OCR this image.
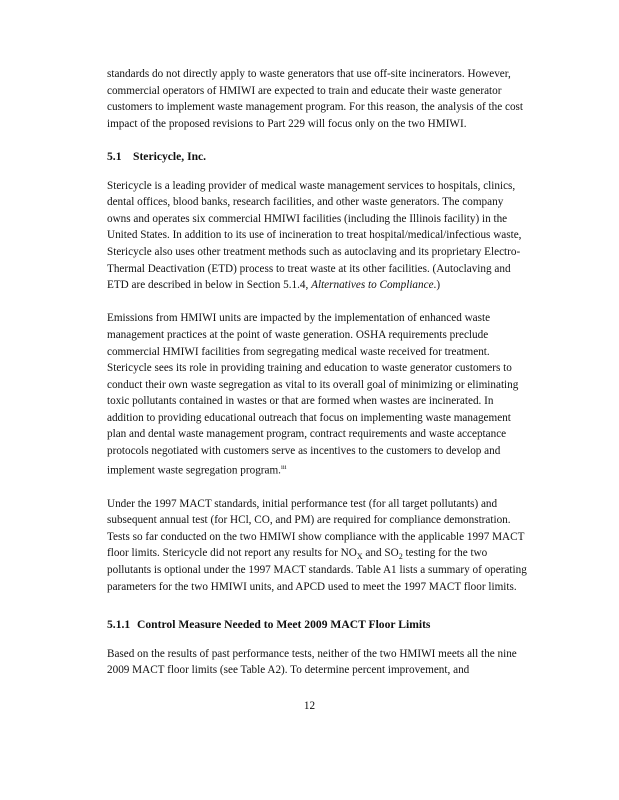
standards do not directly apply to waste generators that use off-site incinerators. However, commercial operators of HMIWI are expected to train and educate their waste generator customers to implement waste management program. For this reason, the analysis of the cost impact of the proposed revisions to Part 229 will focus only on the two HMIWI.

5.1 Stericycle, Inc.

Stericycle is a leading provider of medical waste management services to hospitals, clinics, dental offices, blood banks, research facilities, and other waste generators. The company owns and operates six commercial HMIWI facilities (including the Illinois facility) in the United States. In addition to its use of incineration to treat hospital/medical/infectious waste, Stericycle also uses other treatment methods such as autoclaving and its proprietary Electro-Thermal Deactivation (ETD) process to treat waste at its other facilities. (Autoclaving and ETD are described in below in Section 5.1.4, Alternatives to Compliance.)

Emissions from HMIWI units are impacted by the implementation of enhanced waste management practices at the point of waste generation. OSHA requirements preclude commercial HMIWI facilities from segregating medical waste received for treatment. Stericycle sees its role in providing training and education to waste generator customers to conduct their own waste segregation as vital to its overall goal of minimizing or eliminating toxic pollutants contained in wastes or that are formed when wastes are incinerated. In addition to providing educational outreach that focus on implementing waste management plan and dental waste management program, contract requirements and waste acceptance protocols negotiated with customers serve as incentives to the customers to develop and implement waste segregation program.$^{iii}$

Under the 1997 MACT standards, initial performance test (for all target pollutants) and subsequent annual test (for HCl, CO, and PM) are required for compliance demonstration. Tests so far conducted on the two HMIWI show compliance with the applicable 1997 MACT floor limits. Stericycle did not report any results for $NO_X$ and $SO_2$ testing for the two pollutants is optional under the 1997 MACT standards. Table A1 lists a summary of operating parameters for the two HMIWI units, and APCD used to meet the 1997 MACT floor limits.

5.1.1 Control Measure Needed to Meet 2009 MACT Floor Limits

Based on the results of past performance tests, neither of the two HMIWI meets all the nine 2009 MACT floor limits (see Table A2). To determine percent improvement, and

12
